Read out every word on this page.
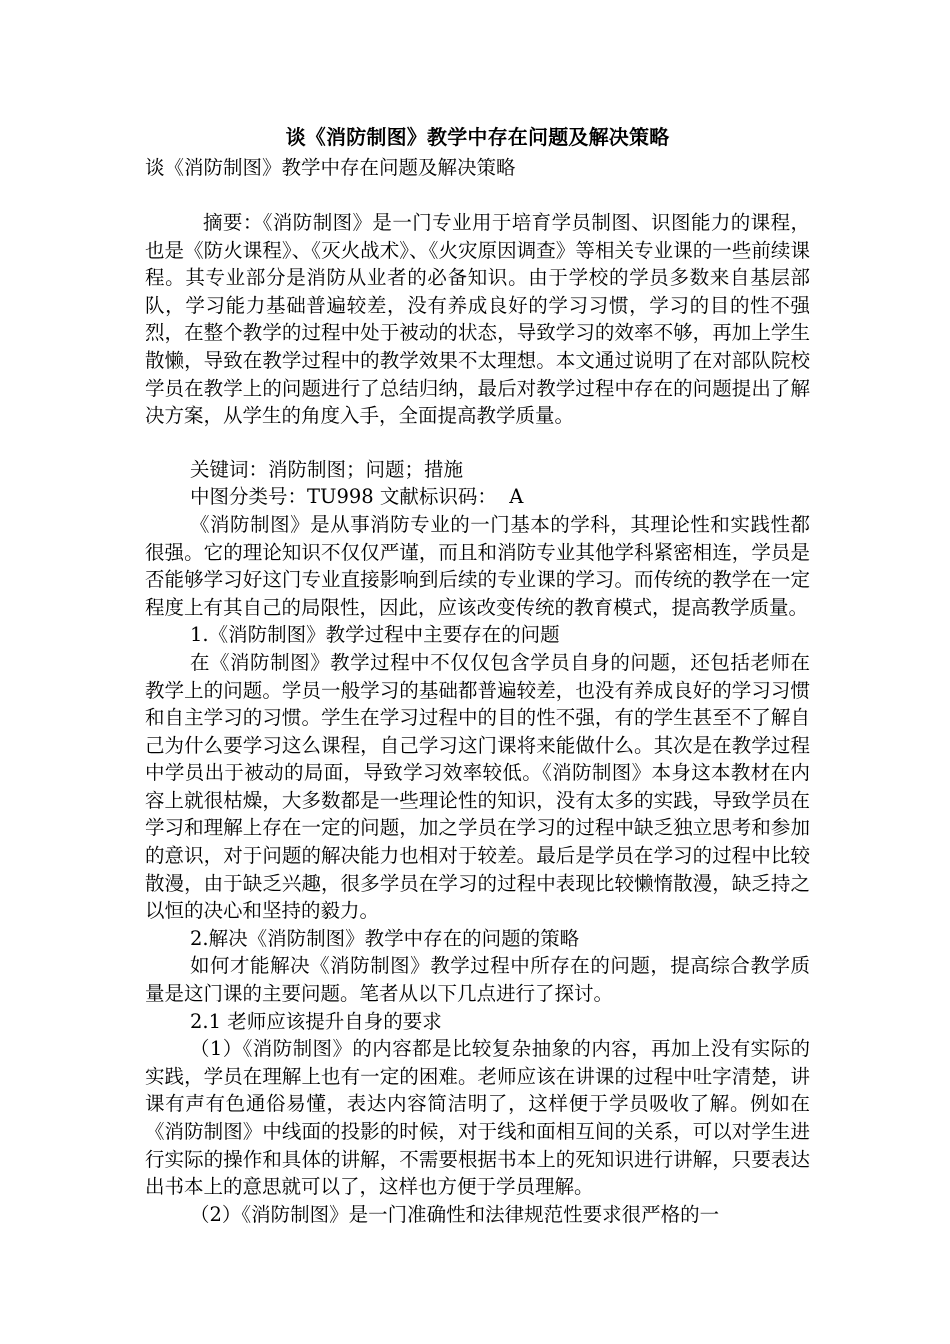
谈《消防制图》教学中存在问题及解决策略

谈《消防制图》教学中存在问题及解决策略

摘要：《消防制图》是一门专业用于培育学员制图、识图能力的课程，也是《防火课程》、《灭火战术》、《火灾原因调查》等相关专业课的一些前续课程。其专业部分是消防从业者的必备知识。由于学校的学员多数来自基层部队，学习能力基础普遍较差，没有养成良好的学习习惯，学习的目的性不强烈，在整个教学的过程中处于被动的状态，导致学习的效率不够，再加上学生散懒，导致在教学过程中的教学效果不太理想。本文通过说明了在对部队院校学员在教学上的问题进行了总结归纳，最后对教学过程中存在的问题提出了解决方案，从学生的角度入手，全面提高教学质量。

关键词：消防制图；问题；措施

中图分类号：TU998 文献标识码：  A

《消防制图》是从事消防专业的一门基本的学科，其理论性和实践性都很强。它的理论知识不仅仅严谨，而且和消防专业其他学科紧密相连，学员是否能够学习好这门专业直接影响到后续的专业课的学习。而传统的教学在一定程度上有其自己的局限性，因此，应该改变传统的教育模式，提高教学质量。

1.《消防制图》教学过程中主要存在的问题

在《消防制图》教学过程中不仅仅包含学员自身的问题，还包括老师在教学上的问题。学员一般学习的基础都普遍较差，也没有养成良好的学习习惯和自主学习的习惯。学生在学习过程中的目的性不强，有的学生甚至不了解自己为什么要学习这么课程，自己学习这门课将来能做什么。其次是在教学过程中学员出于被动的局面，导致学习效率较低。《消防制图》本身这本教材在内容上就很枯燥，大多数都是一些理论性的知识，没有太多的实践，导致学员在学习和理解上存在一定的问题，加之学员在学习的过程中缺乏独立思考和参加的意识，对于问题的解决能力也相对于较差。最后是学员在学习的过程中比较散漫，由于缺乏兴趣，很多学员在学习的过程中表现比较懒惰散漫，缺乏持之以恒的决心和坚持的毅力。

2.解决《消防制图》教学中存在的问题的策略

如何才能解决《消防制图》教学过程中所存在的问题，提高综合教学质量是这门课的主要问题。笔者从以下几点进行了探讨。

2.1 老师应该提升自身的要求

（1）《消防制图》的内容都是比较复杂抽象的内容，再加上没有实际的实践，学员在理解上也有一定的困难。老师应该在讲课的过程中吐字清楚，讲课有声有色通俗易懂，表达内容简洁明了，这样便于学员吸收了解。例如在《消防制图》中线面的投影的时候，对于线和面相互间的关系，可以对学生进行实际的操作和具体的讲解，不需要根据书本上的死知识进行讲解，只要表达出书本上的意思就可以了，这样也方便于学员理解。

（2）《消防制图》是一门准确性和法律规范性要求很严格的一
